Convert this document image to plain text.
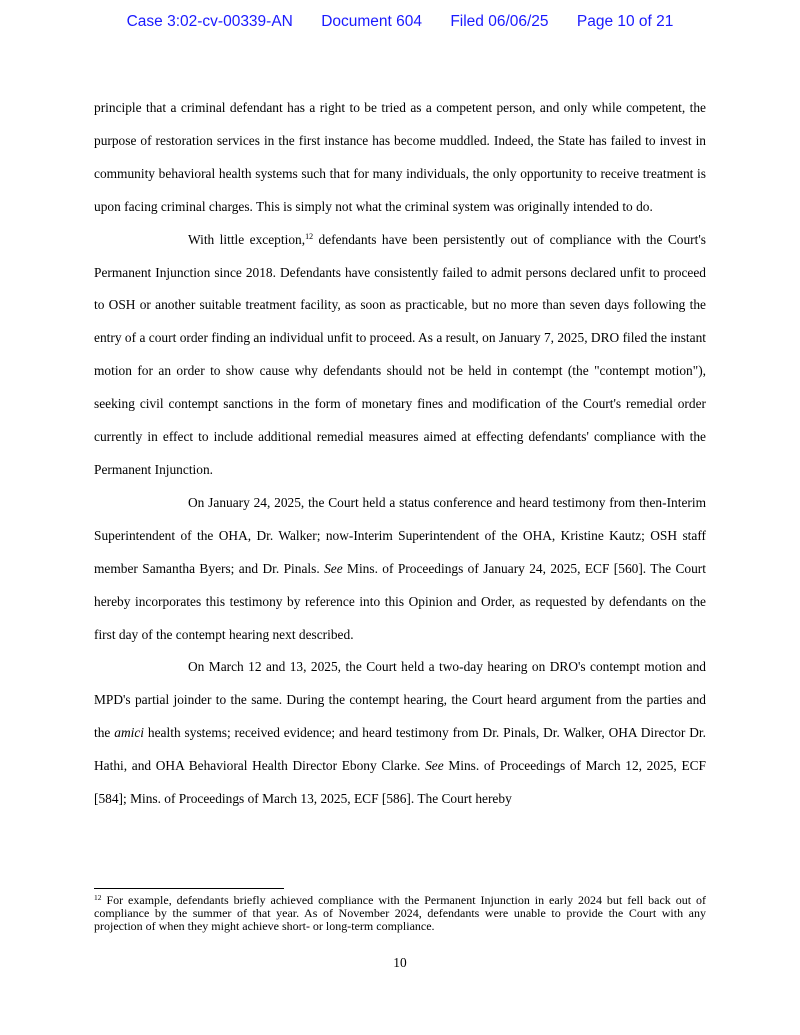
Case 3:02-cv-00339-AN Document 604 Filed 06/06/25 Page 10 of 21

principle that a criminal defendant has a right to be tried as a competent person, and only while competent, the purpose of restoration services in the first instance has become muddled. Indeed, the State has failed to invest in community behavioral health systems such that for many individuals, the only opportunity to receive treatment is upon facing criminal charges. This is simply not what the criminal system was originally intended to do.

With little exception,$^{12}$ defendants have been persistently out of compliance with the Court's Permanent Injunction since 2018. Defendants have consistently failed to admit persons declared unfit to proceed to OSH or another suitable treatment facility, as soon as practicable, but no more than seven days following the entry of a court order finding an individual unfit to proceed. As a result, on January 7, 2025, DRO filed the instant motion for an order to show cause why defendants should not be held in contempt (the "contempt motion"), seeking civil contempt sanctions in the form of monetary fines and modification of the Court's remedial order currently in effect to include additional remedial measures aimed at effecting defendants' compliance with the Permanent Injunction.

On January 24, 2025, the Court held a status conference and heard testimony from then-Interim Superintendent of the OHA, Dr. Walker; now-Interim Superintendent of the OHA, Kristine Kautz; OSH staff member Samantha Byers; and Dr. Pinals. See Mins. of Proceedings of January 24, 2025, ECF [560]. The Court hereby incorporates this testimony by reference into this Opinion and Order, as requested by defendants on the first day of the contempt hearing next described.

On March 12 and 13, 2025, the Court held a two-day hearing on DRO's contempt motion and MPD's partial joinder to the same. During the contempt hearing, the Court heard argument from the parties and the amici health systems; received evidence; and heard testimony from Dr. Pinals, Dr. Walker, OHA Director Dr. Hathi, and OHA Behavioral Health Director Ebony Clarke. See Mins. of Proceedings of March 12, 2025, ECF [584]; Mins. of Proceedings of March 13, 2025, ECF [586]. The Court hereby

$^{12}$ For example, defendants briefly achieved compliance with the Permanent Injunction in early 2024 but fell back out of compliance by the summer of that year. As of November 2024, defendants were unable to provide the Court with any projection of when they might achieve short- or long-term compliance.
10
